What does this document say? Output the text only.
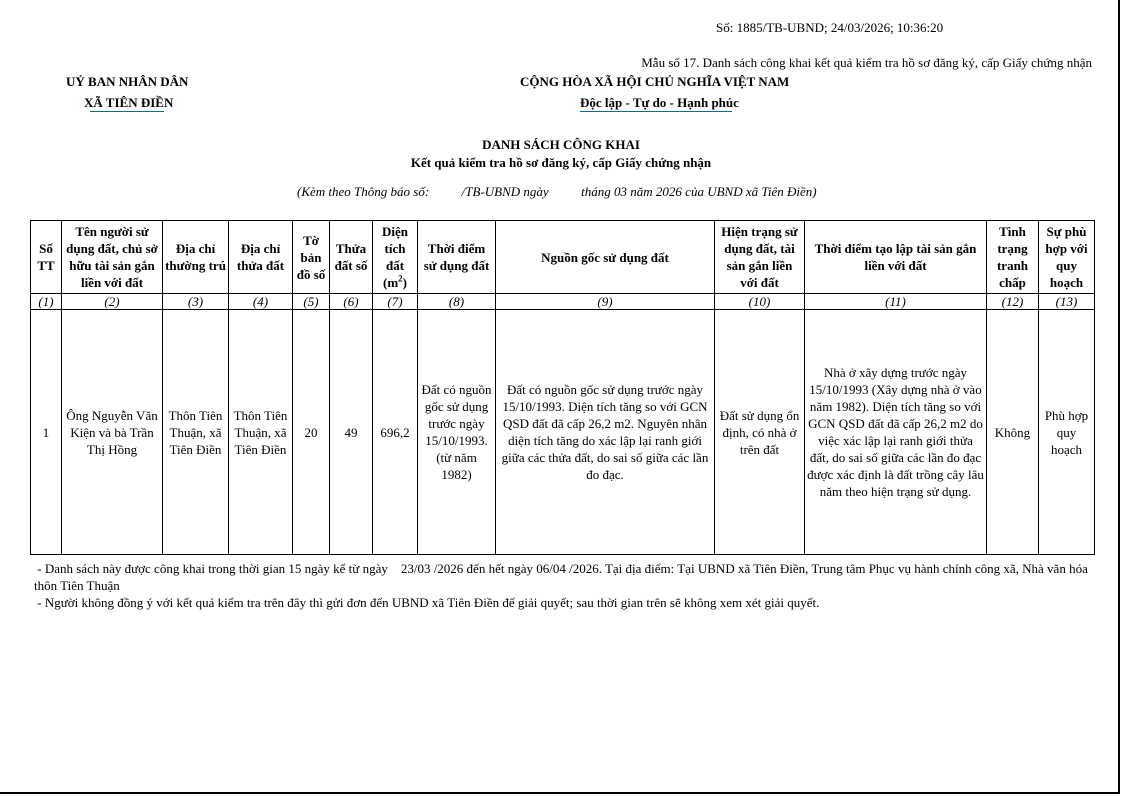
Số: 1885/TB-UBND; 24/03/2026; 10:36:20
Mẫu số 17. Danh sách công khai kết quả kiểm tra hồ sơ đăng ký, cấp Giấy chứng nhận
UỶ BAN NHÂN DÂN
XÃ TIÊN ĐIỀN
CỘNG HÒA XÃ HỘI CHỦ NGHĨA VIỆT NAM
Độc lập - Tự do - Hạnh phúc
DANH SÁCH CÔNG KHAI
Kết quả kiểm tra hồ sơ đăng ký, cấp Giấy chứng nhận
(Kèm theo Thông báo số:          /TB-UBND ngày          tháng 03 năm 2026 của UBND xã Tiên Điền)
Số TT	Tên người sử dụng đất, chủ sở hữu tài sản gắn liền với đất	Địa chỉ thường trú	Địa chỉ thửa đất	Tờ bản đồ số	Thửa đất số	Diện tích đất $(m^2)$	Thời điểm sử dụng đất	Nguồn gốc sử dụng đất	Hiện trạng sử dụng đất, tài sản gắn liền với đất	Thời điểm tạo lập tài sản gắn liền với đất	Tình trạng tranh chấp	Sự phù hợp với quy hoạch
(1)	(2)	(3)	(4)	(5)	(6)	(7)	(8)	(9)	(10)	(11)	(12)	(13)
1	Ông Nguyễn Văn Kiện và bà Trần Thị Hồng	Thôn Tiên Thuận, xã Tiên Điền	Thôn Tiên Thuận, xã Tiên Điền	20	49	696,2	Đất có nguồn gốc sử dụng trước ngày 15/10/1993. (từ năm 1982)	Đất có nguồn gốc sử dụng trước ngày 15/10/1993. Diện tích tăng so với GCN QSD đất đã cấp 26,2 m2. Nguyên nhân diện tích tăng do xác lập lại ranh giới giữa các thửa đất, do sai số giữa các lần đo đạc.	Đất sử dụng ổn định, có nhà ở trên đất	Nhà ở xây dựng trước ngày 15/10/1993 (Xây dựng nhà ở vào năm 1982). Diện tích tăng so với GCN QSD đất đã cấp 26,2 m2 do việc xác lập lại ranh giới thửa đất, do sai số giữa các lần đo đạc được xác định là đất trồng cây lâu năm theo hiện trạng sử dụng.	Không	Phù hợp quy hoạch

- Danh sách này được công khai trong thời gian 15 ngày kể từ ngày    23/03 /2026 đến hết ngày 06/04 /2026. Tại địa điểm: Tại UBND xã Tiên Điền, Trung tâm Phục vụ hành chính công xã, Nhà văn hóa thôn Tiên Thuận

- Người không đồng ý với kết quả kiểm tra trên đây thì gửi đơn đến UBND xã Tiên Điền để giải quyết; sau thời gian trên sẽ không xem xét giải quyết.
